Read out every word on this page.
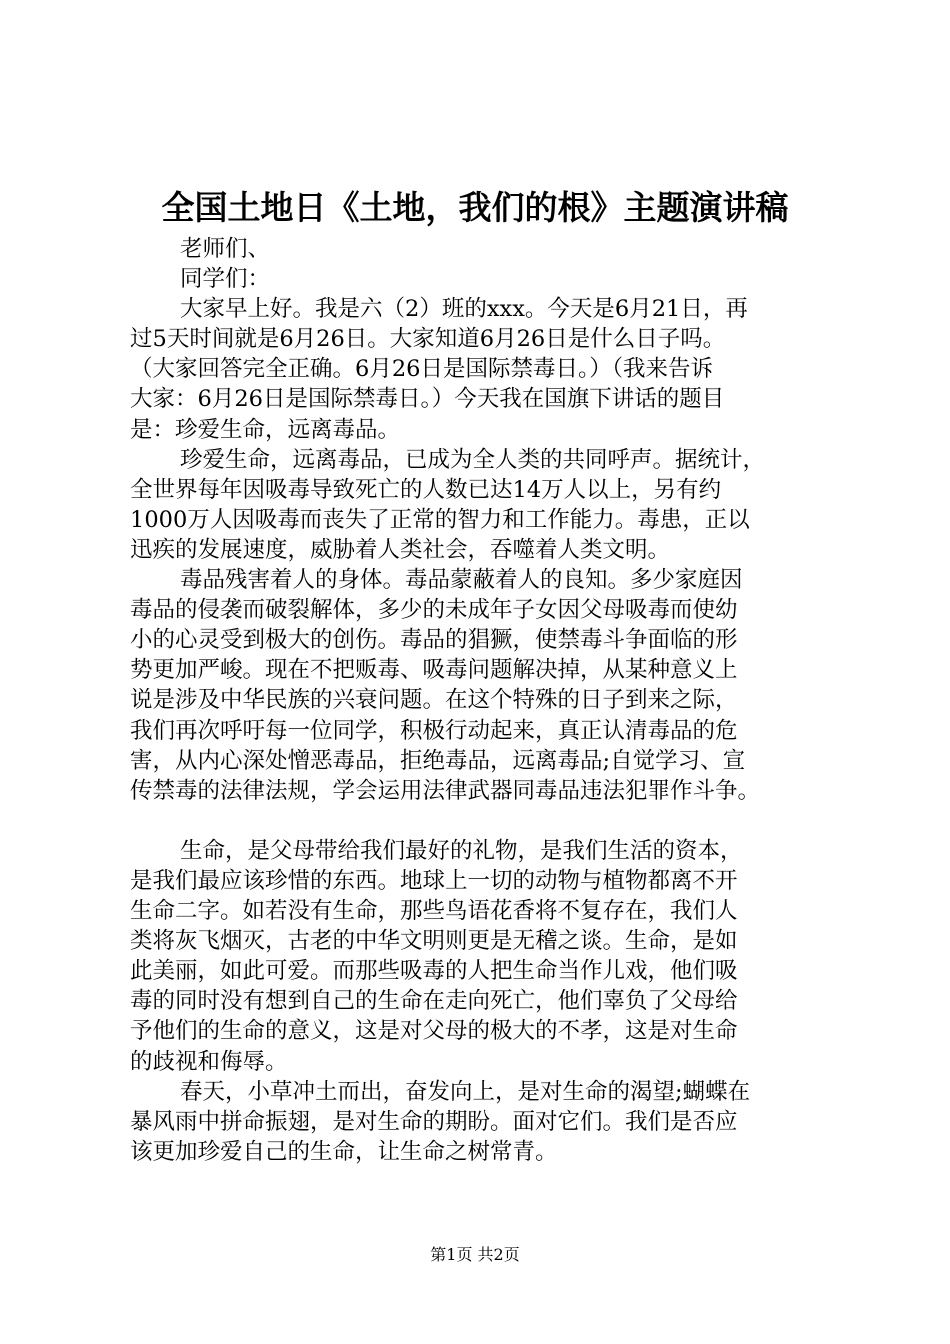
全国土地日《土地，我们的根》主题演讲稿
老师们、
同学们：
大家早上好。我是六（2）班的xxx。今天是6月21日，再
过5天时间就是6月26日。大家知道6月26日是什么日子吗。
（大家回答完全正确。6月26日是国际禁毒日。）（我来告诉
大家：6月26日是国际禁毒日。）今天我在国旗下讲话的题目
是：珍爱生命，远离毒品。
珍爱生命，远离毒品，已成为全人类的共同呼声。据统计，
全世界每年因吸毒导致死亡的人数已达14万人以上，另有约
1000万人因吸毒而丧失了正常的智力和工作能力。毒患，正以
迅疾的发展速度，威胁着人类社会，吞噬着人类文明。
毒品残害着人的身体。毒品蒙蔽着人的良知。多少家庭因
毒品的侵袭而破裂解体，多少的未成年子女因父母吸毒而使幼
小的心灵受到极大的创伤。毒品的猖獗，使禁毒斗争面临的形
势更加严峻。现在不把贩毒、吸毒问题解决掉，从某种意义上
说是涉及中华民族的兴衰问题。在这个特殊的日子到来之际，
我们再次呼吁每一位同学，积极行动起来，真正认清毒品的危
害，从内心深处憎恶毒品，拒绝毒品，远离毒品;自觉学习、宣
传禁毒的法律法规，学会运用法律武器同毒品违法犯罪作斗争。
生命，是父母带给我们最好的礼物，是我们生活的资本，
是我们最应该珍惜的东西。地球上一切的动物与植物都离不开
生命二字。如若没有生命，那些鸟语花香将不复存在，我们人
类将灰飞烟灭，古老的中华文明则更是无稽之谈。生命，是如
此美丽，如此可爱。而那些吸毒的人把生命当作儿戏，他们吸
毒的同时没有想到自己的生命在走向死亡，他们辜负了父母给
予他们的生命的意义，这是对父母的极大的不孝，这是对生命
的歧视和侮辱。
春天，小草冲土而出，奋发向上，是对生命的渴望;蝴蝶在
暴风雨中拼命振翅，是对生命的期盼。面对它们。我们是否应
该更加珍爱自己的生命，让生命之树常青。
第1页 共2页
